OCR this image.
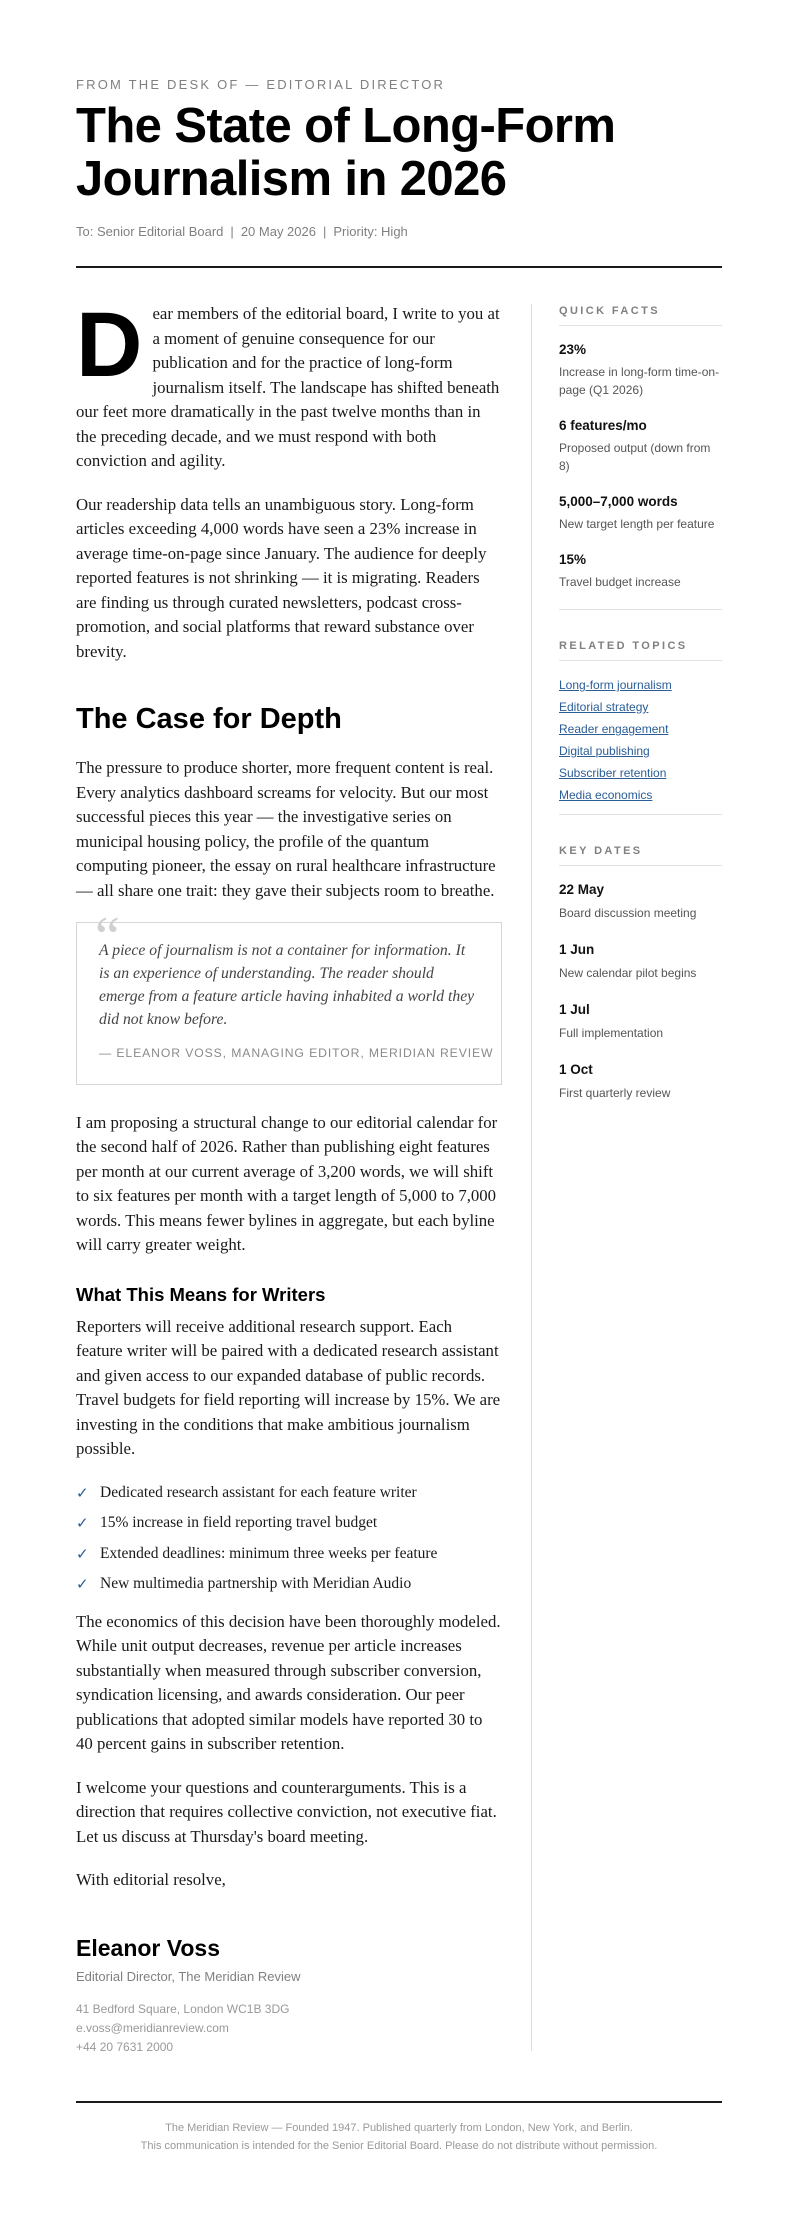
FROM THE DESK OF — EDITORIAL DIRECTOR
The State of Long-Form Journalism in 2026
To: Senior Editorial Board | 20 May 2026 | Priority: High

Dear members of the editorial board, I write to you at a moment of genuine consequence for our publication and for the practice of long-form journalism itself. The landscape has shifted beneath our feet more dramatically in the past twelve months than in the preceding decade, and we must respond with both conviction and agility.

Our readership data tells an unambiguous story. Long-form articles exceeding 4,000 words have seen a 23% increase in average time-on-page since January. The audience for deeply reported features is not shrinking — it is migrating. Readers are finding us through curated newsletters, podcast cross-promotion, and social platforms that reward substance over brevity.

The Case for Depth

The pressure to produce shorter, more frequent content is real. Every analytics dashboard screams for velocity. But our most successful pieces this year — the investigative series on municipal housing policy, the profile of the quantum computing pioneer, the essay on rural healthcare infrastructure — all share one trait: they gave their subjects room to breathe.

“
A piece of journalism is not a container for information. It is an experience of understanding. The reader should emerge from a feature article having inhabited a world they did not know before.
— ELEANOR VOSS, MANAGING EDITOR, MERIDIAN REVIEW

I am proposing a structural change to our editorial calendar for the second half of 2026. Rather than publishing eight features per month at our current average of 3,200 words, we will shift to six features per month with a target length of 5,000 to 7,000 words. This means fewer bylines in aggregate, but each byline will carry greater weight.

What This Means for Writers

Reporters will receive additional research support. Each feature writer will be paired with a dedicated research assistant and given access to our expanded database of public records. Travel budgets for field reporting will increase by 15%. We are investing in the conditions that make ambitious journalism possible.

✓ Dedicated research assistant for each feature writer
✓ 15% increase in field reporting travel budget
✓ Extended deadlines: minimum three weeks per feature
✓ New multimedia partnership with Meridian Audio

The economics of this decision have been thoroughly modeled. While unit output decreases, revenue per article increases substantially when measured through subscriber conversion, syndication licensing, and awards consideration. Our peer publications that adopted similar models have reported 30 to 40 percent gains in subscriber retention.

I welcome your questions and counterarguments. This is a direction that requires collective conviction, not executive fiat. Let us discuss at Thursday's board meeting.

With editorial resolve,

Eleanor Voss
Editorial Director, The Meridian Review
41 Bedford Square, London WC1B 3DG
e.voss@meridianreview.com
+44 20 7631 2000
QUICK FACTS
23%
Increase in long-form time-on-page (Q1 2026)
6 features/mo
Proposed output (down from 8)
5,000–7,000 words
New target length per feature
15%
Travel budget increase
RELATED TOPICS
Long-form journalism
Editorial strategy
Reader engagement
Digital publishing
Subscriber retention
Media economics
KEY DATES
22 May
Board discussion meeting
1 Jun
New calendar pilot begins
1 Jul
Full implementation
1 Oct
First quarterly review
The Meridian Review — Founded 1947. Published quarterly from London, New York, and Berlin.
This communication is intended for the Senior Editorial Board. Please do not distribute without permission.
